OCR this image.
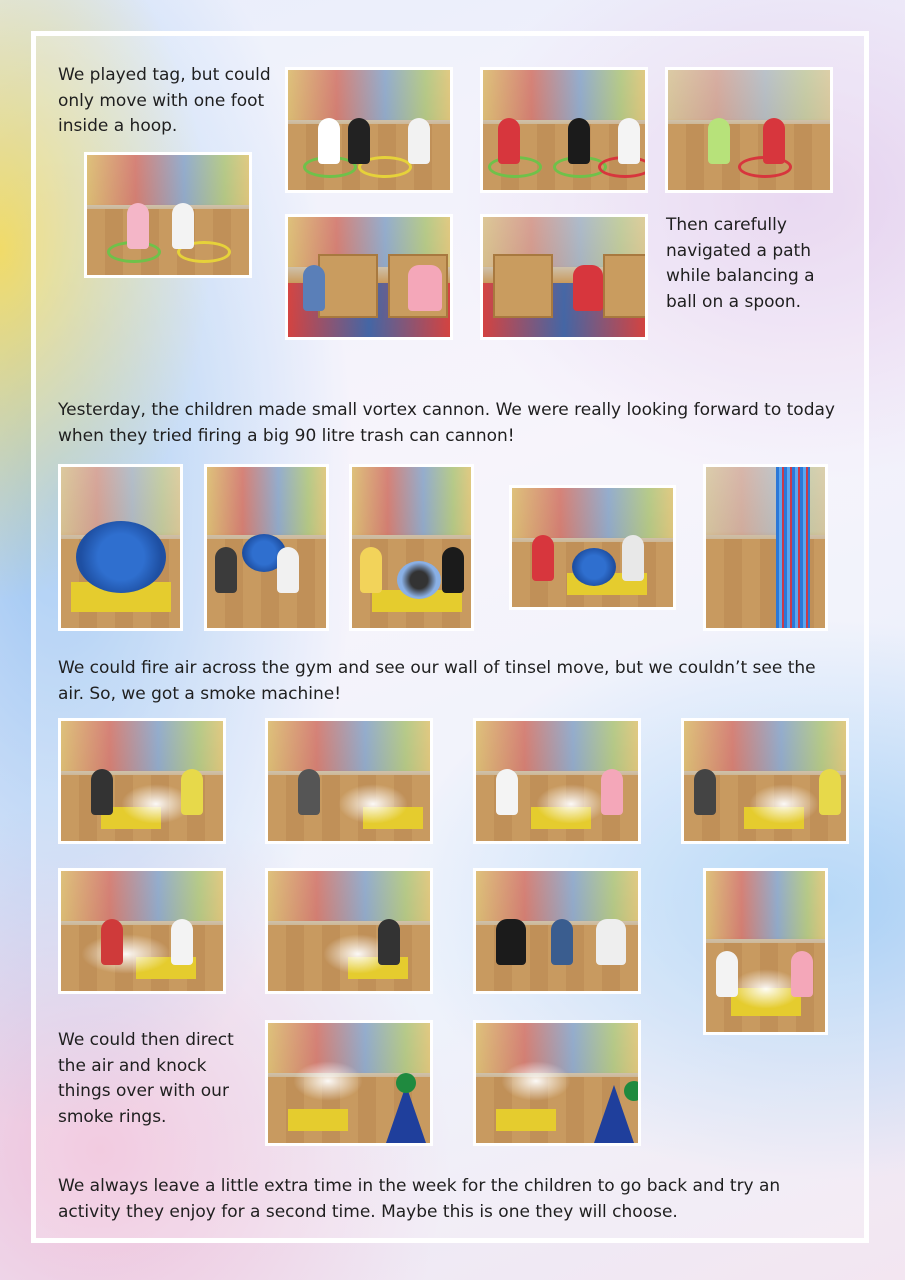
We played tag, but could only move with one foot inside a hoop.

Then carefully navigated a path while balancing a ball on a spoon.

Yesterday, the children made small vortex cannon. We were really looking forward to today when they tried firing a big 90 litre trash can cannon!

We could fire air across the gym and see our wall of tinsel move, but we couldn’t see the air. So, we got a smoke machine!

We could then direct the air and knock things over with our smoke rings.

We always leave a little extra time in the week for the children to go back and try an activity they enjoy for a second time. Maybe this is one they will choose.
